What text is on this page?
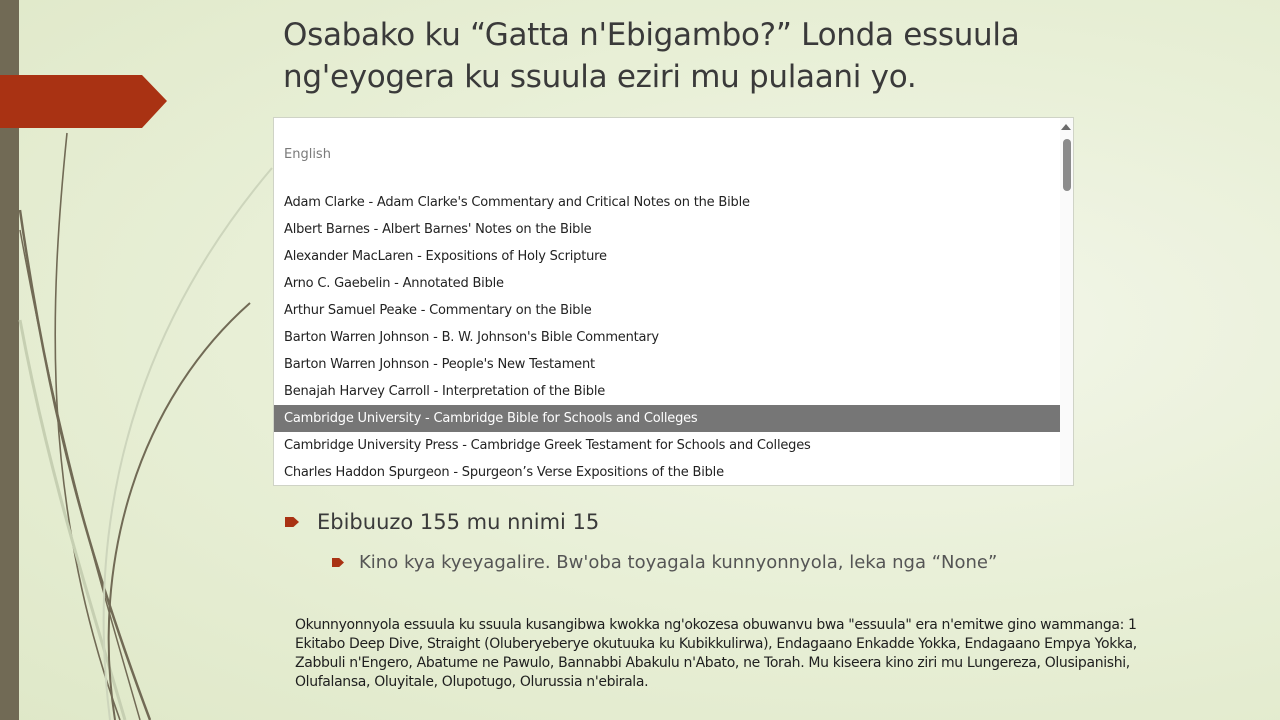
Osabako ku “Gatta n'Ebigambo?” Londa essuula ng'eyogera ku ssuula eziri mu pulaani yo.
English
Adam Clarke - Adam Clarke's Commentary and Critical Notes on the Bible
Albert Barnes - Albert Barnes' Notes on the Bible
Alexander MacLaren - Expositions of Holy Scripture
Arno C. Gaebelin - Annotated Bible
Arthur Samuel Peake - Commentary on the Bible
Barton Warren Johnson - B. W. Johnson's Bible Commentary
Barton Warren Johnson - People's New Testament
Benajah Harvey Carroll - Interpretation of the Bible
Cambridge University - Cambridge Bible for Schools and Colleges
Cambridge University Press - Cambridge Greek Testament for Schools and Colleges
Charles Haddon Spurgeon - Spurgeon’s Verse Expositions of the Bible
Ebibuuzo 155 mu nnimi 15
Kino kya kyeyagalire. Bw'oba toyagala kunnyonnyola, leka nga “None”
Okunnyonnyola essuula ku ssuula kusangibwa kwokka ng'okozesa obuwanvu bwa "essuula" era n'emitwe gino wammanga: 1 Ekitabo Deep Dive, Straight (Oluberyeberye okutuuka ku Kubikkulirwa), Endagaano Enkadde Yokka, Endagaano Empya Yokka, Zabbuli n'Engero, Abatume ne Pawulo, Bannabbi Abakulu n'Abato, ne Torah. Mu kiseera kino ziri mu Lungereza, Olusipanishi, Olufalansa, Oluyitale, Olupotugo, Olurussia n'ebirala.
